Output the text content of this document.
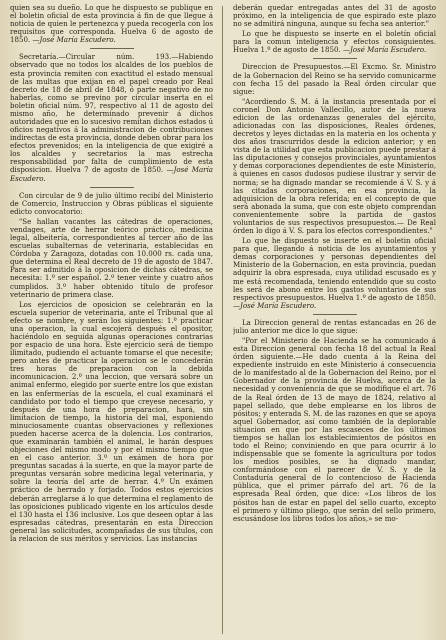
quien sea su dueño. Lo que he dispuesto se publique en el boletin oficial de esta provincia á fin de que llegue á noticia de quien le pertenezca y pueda recogerla con los requisitos que corresponda. Huelva 6 de agosto de 1850. —José María Escudero.

Secretaría.—Circular núm. 193.—Habiendo observado que no todos los alcaldes de los pueblos de esta provincia remiten con exactitud el estado mensual de las multas que exijan en el papel creado por Real decreto de 18 de abril de 1848, ó parte negativo de no haberlas, como se previno por circular inserta en el boletin oficial núm. 97, respectivo al 11 de agosto del mismo año, he determinado prevenir á dichos autoridades que en lo sucesivo remitan dichos estados ú oficios negativos á la administracion de contribuciones indirectas de esta provincia, donde deben obrar para los efectos prevenidos; en la inteligencia de que exigiré a los alcaldes y secretarios la mas estrecha responsabilidad por falta de cumplimiento de esta disposicion. Huelva 7 de agosto de 1850. —José María Escudero.

Con circular de 9 de julio último recibí del Ministerio de Comercio, Instruccion y Obras públicas el siguiente edicto convocatorio:

"Se hallan vacantes las cátedras de operaciones, vendages, arte de herrar teórico práctico, medicina legal, albeitería, correspondientes al tercer año de las escuelas subalternas de veterinaria, establecidas en Córdoba y Zaragoza, dotadas con 10.000 rs. cada una, que determina el Real decreto de 19 de agosto de 1847. Para ser admitido á la oposicion de dichas cátedras, se necesita: 1.º ser español. 2.º tener veinte y cuatro años cumplidos. 3.º haber obtenido título de profesor veterinario de primera clase.

Los ejercicios de oposicion se celebrarán en la escuela superior de veterinaria, ante el Tribunal que al efecto se nombre, y serán los siguientes: 1.º practicar una operacion, la cual escojerá después el opositor, haciéndolo en seguida algunas operaciones contrarias por espacio de una hora. Este ejercicio será de tiempo ilimitado, pudiendo el actuante tomarse el que necesite; pero antes de practicar la operacion se le concederán tres horas de preparacion con la debida incomunicacion. 2.º una leccion, que versará sobre un animal enfermo, elegido por suerte entre los que existan en las enfermerías de la escuela, el cual examinará el candidato por todo el tiempo que creyese necesario, y después de una hora de preparacion, hará, sin limitacion de tiempo, la historia del mal, esponiendo minuciosamente cuantas observaciones y reflexiones pueden hacerse acerca de la dolencia. Los contrarios, que examinarán también el animal, le harán despues objeciones del mismo modo y por el mismo tiempo que en el caso anterior. 3.º un exámen de hora por preguntas sacadas á la suerte, en que la mayor parte de preguntas versarán sobre medicina legal veterinaria, y sobre la teoría del arte de herrar. 4.º Un exámen práctico de herrado y forjado. Todos estos ejercicios deberán arreglarse á lo que determina el reglamento de las oposiciones publicado vigente en los artículos desde el 130 hasta el 136 inclusive. Los que deseen optar á las espresadas cátedras, presentarán en esta Direccion general las solicitudes, acompañadas de sus títulos, con la relacion de sus méritos y servicios. Las instancias

deberán quedar entregadas antes del 31 de agosto próximo, en la inteligencia de que espirado este plazo no se admitirá ninguna, aunque su fecha sea anterior."

Lo que he dispuesto se inserte en el boletín oficial para la comun inteligencia y efectos consiguientes. Huelva 1.º de agosto de 1850. —José María Escudero.

Direccion de Presupuestos.—El Excmo. Sr. Ministro de la Gobernacion del Reino se ha servido comunicarme con fecha 15 del pasado la Real órden circular que sigue:

"Acordiendo S. M. á la instancia presentada por el coronel Don Antonio Vallecillo, autor de la nueva edicion de las ordenanzas generales del ejército, adicionadas con las disposiciones, Reales órdenes, decretos y leyes dictadas en la materia en los ochenta y dos años trascurridos desde la edicion anterior; y en vista de la utilidad que esta publicacion puede prestar á las diputaciones y consejos provinciales, ayuntamientos y demas corporaciones dependientes de este Ministerio, á quienes en casos dudosos pudiese ilustrar y servir de norma; se ha dignado mandar se recomiende á V. S. y á las citadas corporaciones, en esa provincia, la adquisicion de la obra referida; en el concepto de que será abonada la suma, que con este objeto comprendan convenientemente sobre la partida de gastos voluntarios de sus respectivos presupuestos.— De Real órden lo digo á V. S. para los efectos correspondientes."

Lo que he dispuesto se inserte en el boletin oficial para que, llegando á noticia de los ayuntamientos y demas corporaciones y personas dependientes del Ministerio de la Gobernacion, en esta provincia, puedan adquirir la obra espresada, cuya utilidad escusado es y me está recomendada, teniendo entendido que su costo les será de abono entre los gastos voluntarios de sus respectivos presupuestos. Huelva 1.º de agosto de 1850. —José María Escudero.

La Direccion general de rentas estancadas en 26 de julio anterior me dice lo que sigue:

"Por el Ministerio de Hacienda se ha comunicado á esta Direccion general con fecha 18 del actual la Real órden siguiente.—He dado cuenta á la Reina del expediente instruido en este Ministerio á consecuencia de lo manifestado al de la Gobernacion del Reino, por el Gobernador de la provincia de Huelva, acerca de la necesidad y conveniencia de que se modifique el art. 76 de la Real órden de 13 de mayo de 1824, relativo al papel sellado, que debe emplearse en los libros de pósitos; y enterada S. M. de las razones en que se apoya aquel Gobernador, así como también de la deplorable situacion en que por las escaseces de los últimos tiempos se hallan los establecimientos de pósitos en todo el Reino; conviniendo en que para ocurrir á lo indispensable que se fomente la agricultura por todos los medios posibles, se ha dignado mandar, conformándose con el parecer de V. S. y de la Contaduría general de lo contencioso de Hacienda pública, que el primer párrafo del art. 76 de la espresada Real órden, que dice: «Los libros de los pósitos han de estar en papel del sello cuarto, excepto el primero y último pliego, que serán del sello primero, escusándose los libros todos los años,» se mo-
